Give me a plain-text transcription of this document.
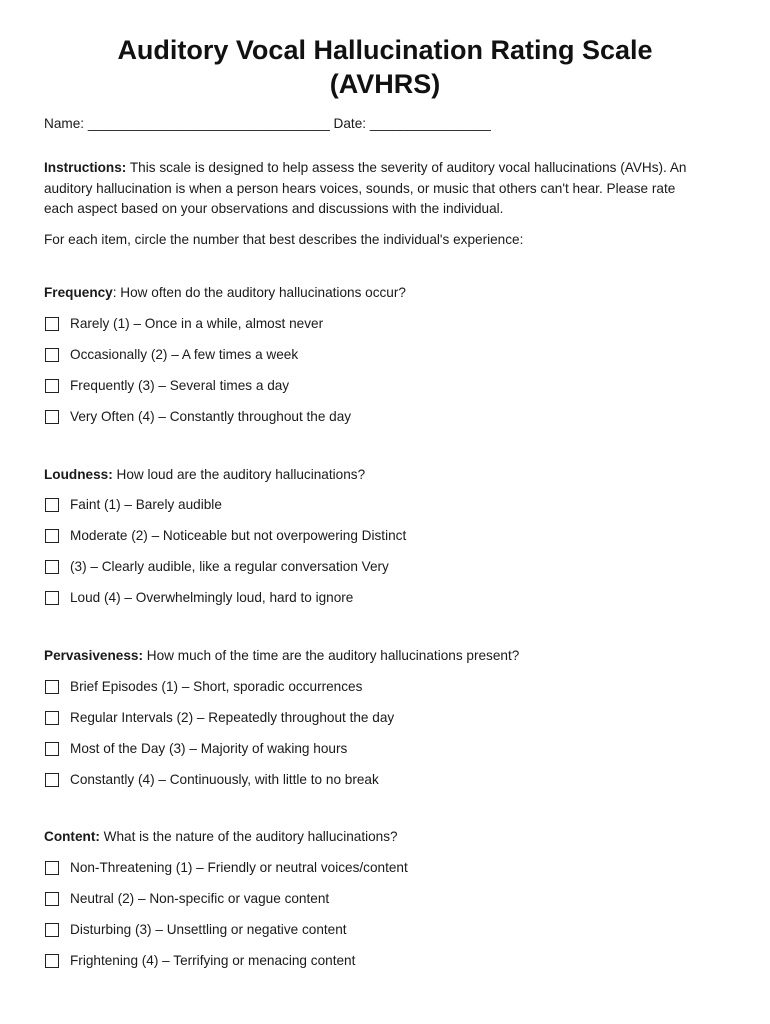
Auditory Vocal Hallucination Rating Scale
(AVHRS)
Name: ________________________________ Date: ________________
Instructions: This scale is designed to help assess the severity of auditory vocal hallucinations (AVHs). An auditory hallucination is when a person hears voices, sounds, or music that others can't hear. Please rate each aspect based on your observations and discussions with the individual.
For each item, circle the number that best describes the individual's experience:
Frequency: How often do the auditory hallucinations occur?
Rarely (1) – Once in a while, almost never
Occasionally (2) – A few times a week
Frequently (3) – Several times a day
Very Often (4) – Constantly throughout the day
Loudness: How loud are the auditory hallucinations?
Faint (1) – Barely audible
Moderate (2) – Noticeable but not overpowering Distinct
(3) – Clearly audible, like a regular conversation Very
Loud (4) – Overwhelmingly loud, hard to ignore
Pervasiveness: How much of the time are the auditory hallucinations present?
Brief Episodes (1) – Short, sporadic occurrences
Regular Intervals (2) – Repeatedly throughout the day
Most of the Day (3) – Majority of waking hours
Constantly (4) – Continuously, with little to no break
Content: What is the nature of the auditory hallucinations?
Non-Threatening (1) – Friendly or neutral voices/content
Neutral (2) – Non-specific or vague content
Disturbing (3) – Unsettling or negative content
Frightening (4) – Terrifying or menacing content
